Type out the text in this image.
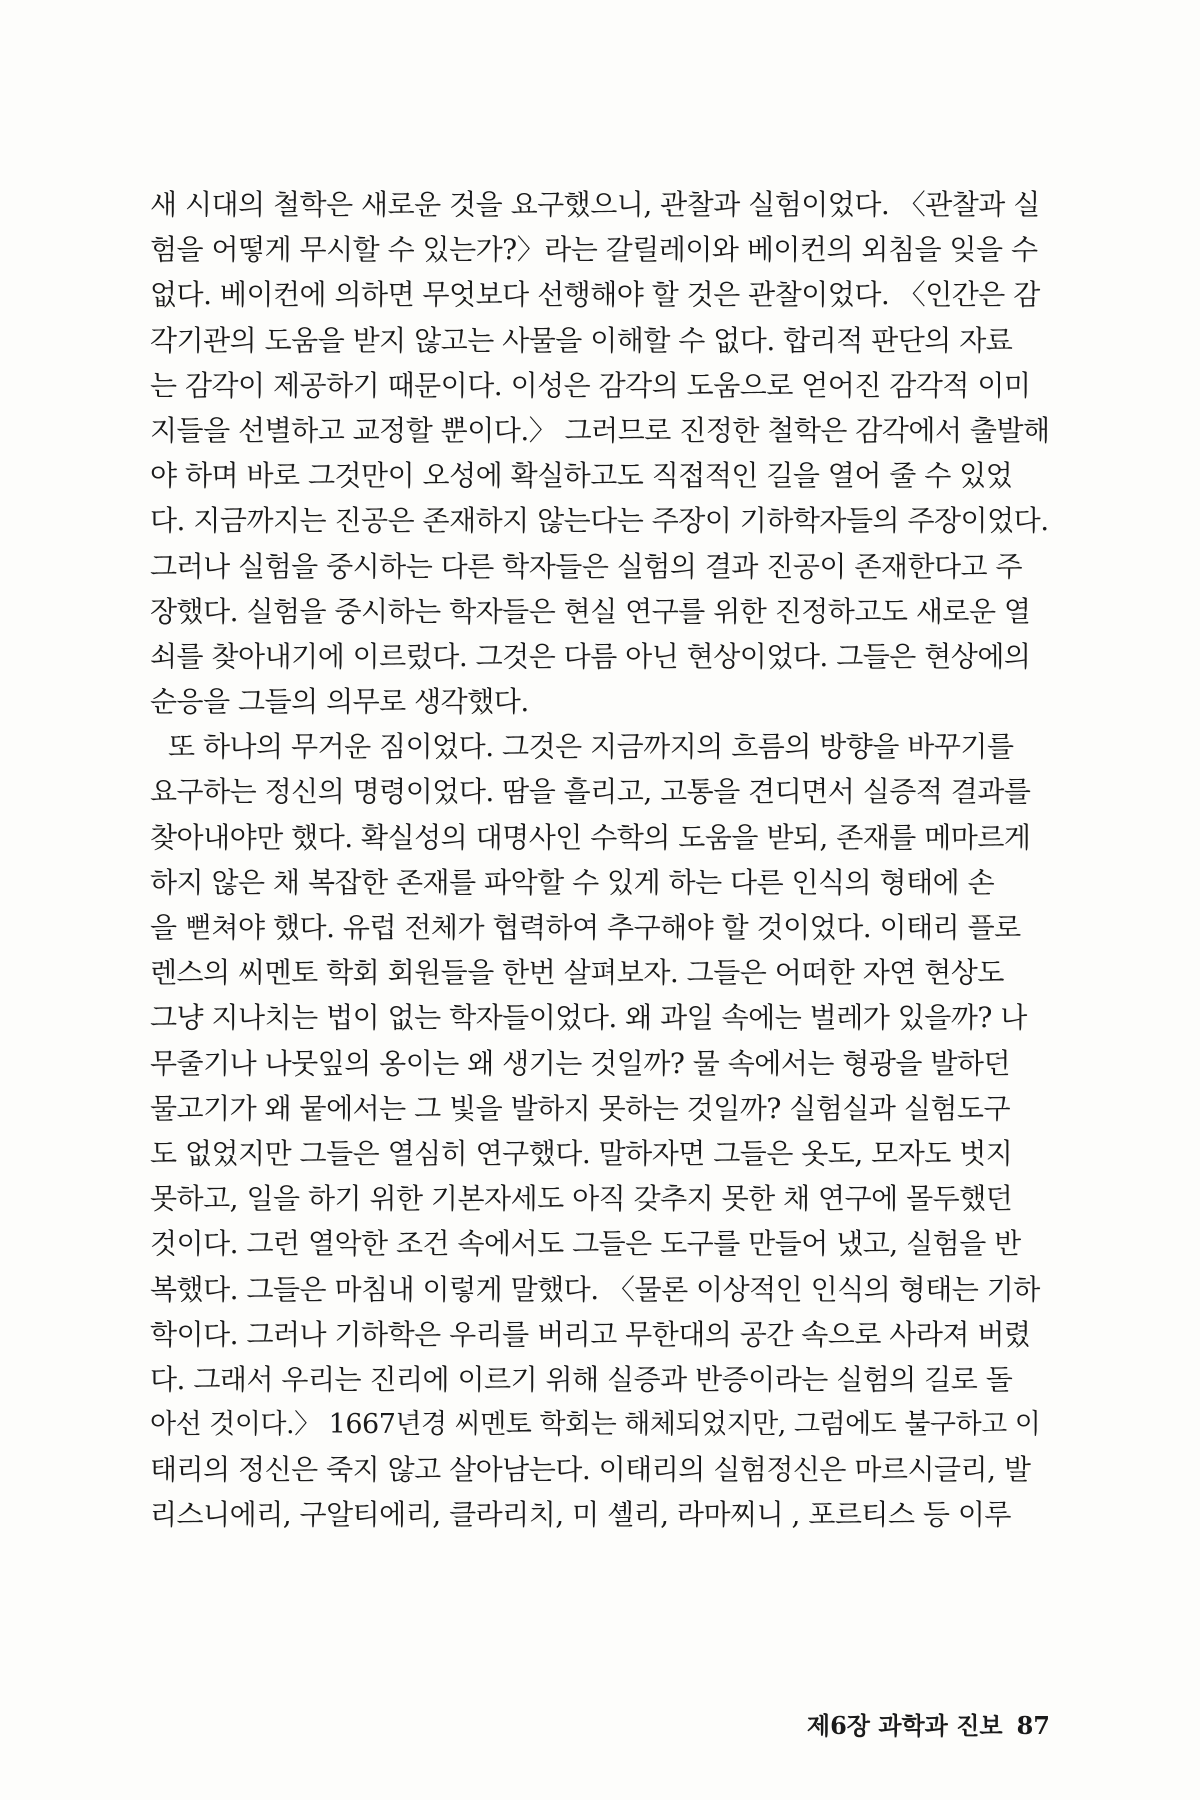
새 시대의 철학은 새로운 것을 요구했으니, 관찰과 실험이었다. 〈관찰과 실
험을 어떻게 무시할 수 있는가?〉라는 갈릴레이와 베이컨의 외침을 잊을 수
없다. 베이컨에 의하면 무엇보다 선행해야 할 것은 관찰이었다. 〈인간은 감
각기관의 도움을 받지 않고는 사물을 이해할 수 없다. 합리적 판단의 자료
는 감각이 제공하기 때문이다. 이성은 감각의 도움으로 얻어진 감각적 이미
지들을 선별하고 교정할 뿐이다.〉 그러므로 진정한 철학은 감각에서 출발해
야 하며 바로 그것만이 오성에 확실하고도 직접적인 길을 열어 줄 수 있었
다. 지금까지는 진공은 존재하지 않는다는 주장이 기하학자들의 주장이었다.
그러나 실험을 중시하는 다른 학자들은 실험의 결과 진공이 존재한다고 주
장했다. 실험을 중시하는 학자들은 현실 연구를 위한 진정하고도 새로운 열
쇠를 찾아내기에 이르렀다. 그것은 다름 아닌 현상이었다. 그들은 현상에의
순응을 그들의 의무로 생각했다.
또 하나의 무거운 짐이었다. 그것은 지금까지의 흐름의 방향을 바꾸기를
요구하는 정신의 명령이었다. 땀을 흘리고, 고통을 견디면서 실증적 결과를
찾아내야만 했다. 확실성의 대명사인 수학의 도움을 받되, 존재를 메마르게
하지 않은 채 복잡한 존재를 파악할 수 있게 하는 다른 인식의 형태에 손
을 뻗쳐야 했다. 유럽 전체가 협력하여 추구해야 할 것이었다. 이태리 플로
렌스의 씨멘토 학회 회원들을 한번 살펴보자. 그들은 어떠한 자연 현상도
그냥 지나치는 법이 없는 학자들이었다. 왜 과일 속에는 벌레가 있을까? 나
무줄기나 나뭇잎의 옹이는 왜 생기는 것일까? 물 속에서는 형광을 발하던
물고기가 왜 뭍에서는 그 빛을 발하지 못하는 것일까? 실험실과 실험도구
도 없었지만 그들은 열심히 연구했다. 말하자면 그들은 옷도, 모자도 벗지
못하고, 일을 하기 위한 기본자세도 아직 갖추지 못한 채 연구에 몰두했던
것이다. 그런 열악한 조건 속에서도 그들은 도구를 만들어 냈고, 실험을 반
복했다. 그들은 마침내 이렇게 말했다. 〈물론 이상적인 인식의 형태는 기하
학이다. 그러나 기하학은 우리를 버리고 무한대의 공간 속으로 사라져 버렸
다. 그래서 우리는 진리에 이르기 위해 실증과 반증이라는 실험의 길로 돌
아선 것이다.〉 1667년경 씨멘토 학회는 해체되었지만, 그럼에도 불구하고 이
태리의 정신은 죽지 않고 살아남는다. 이태리의 실험정신은 마르시글리, 발
리스니에리, 구알티에리, 클라리치, 미 셸리, 라마찌니 , 포르티스 등 이루
제6장 과학과 진보 87
